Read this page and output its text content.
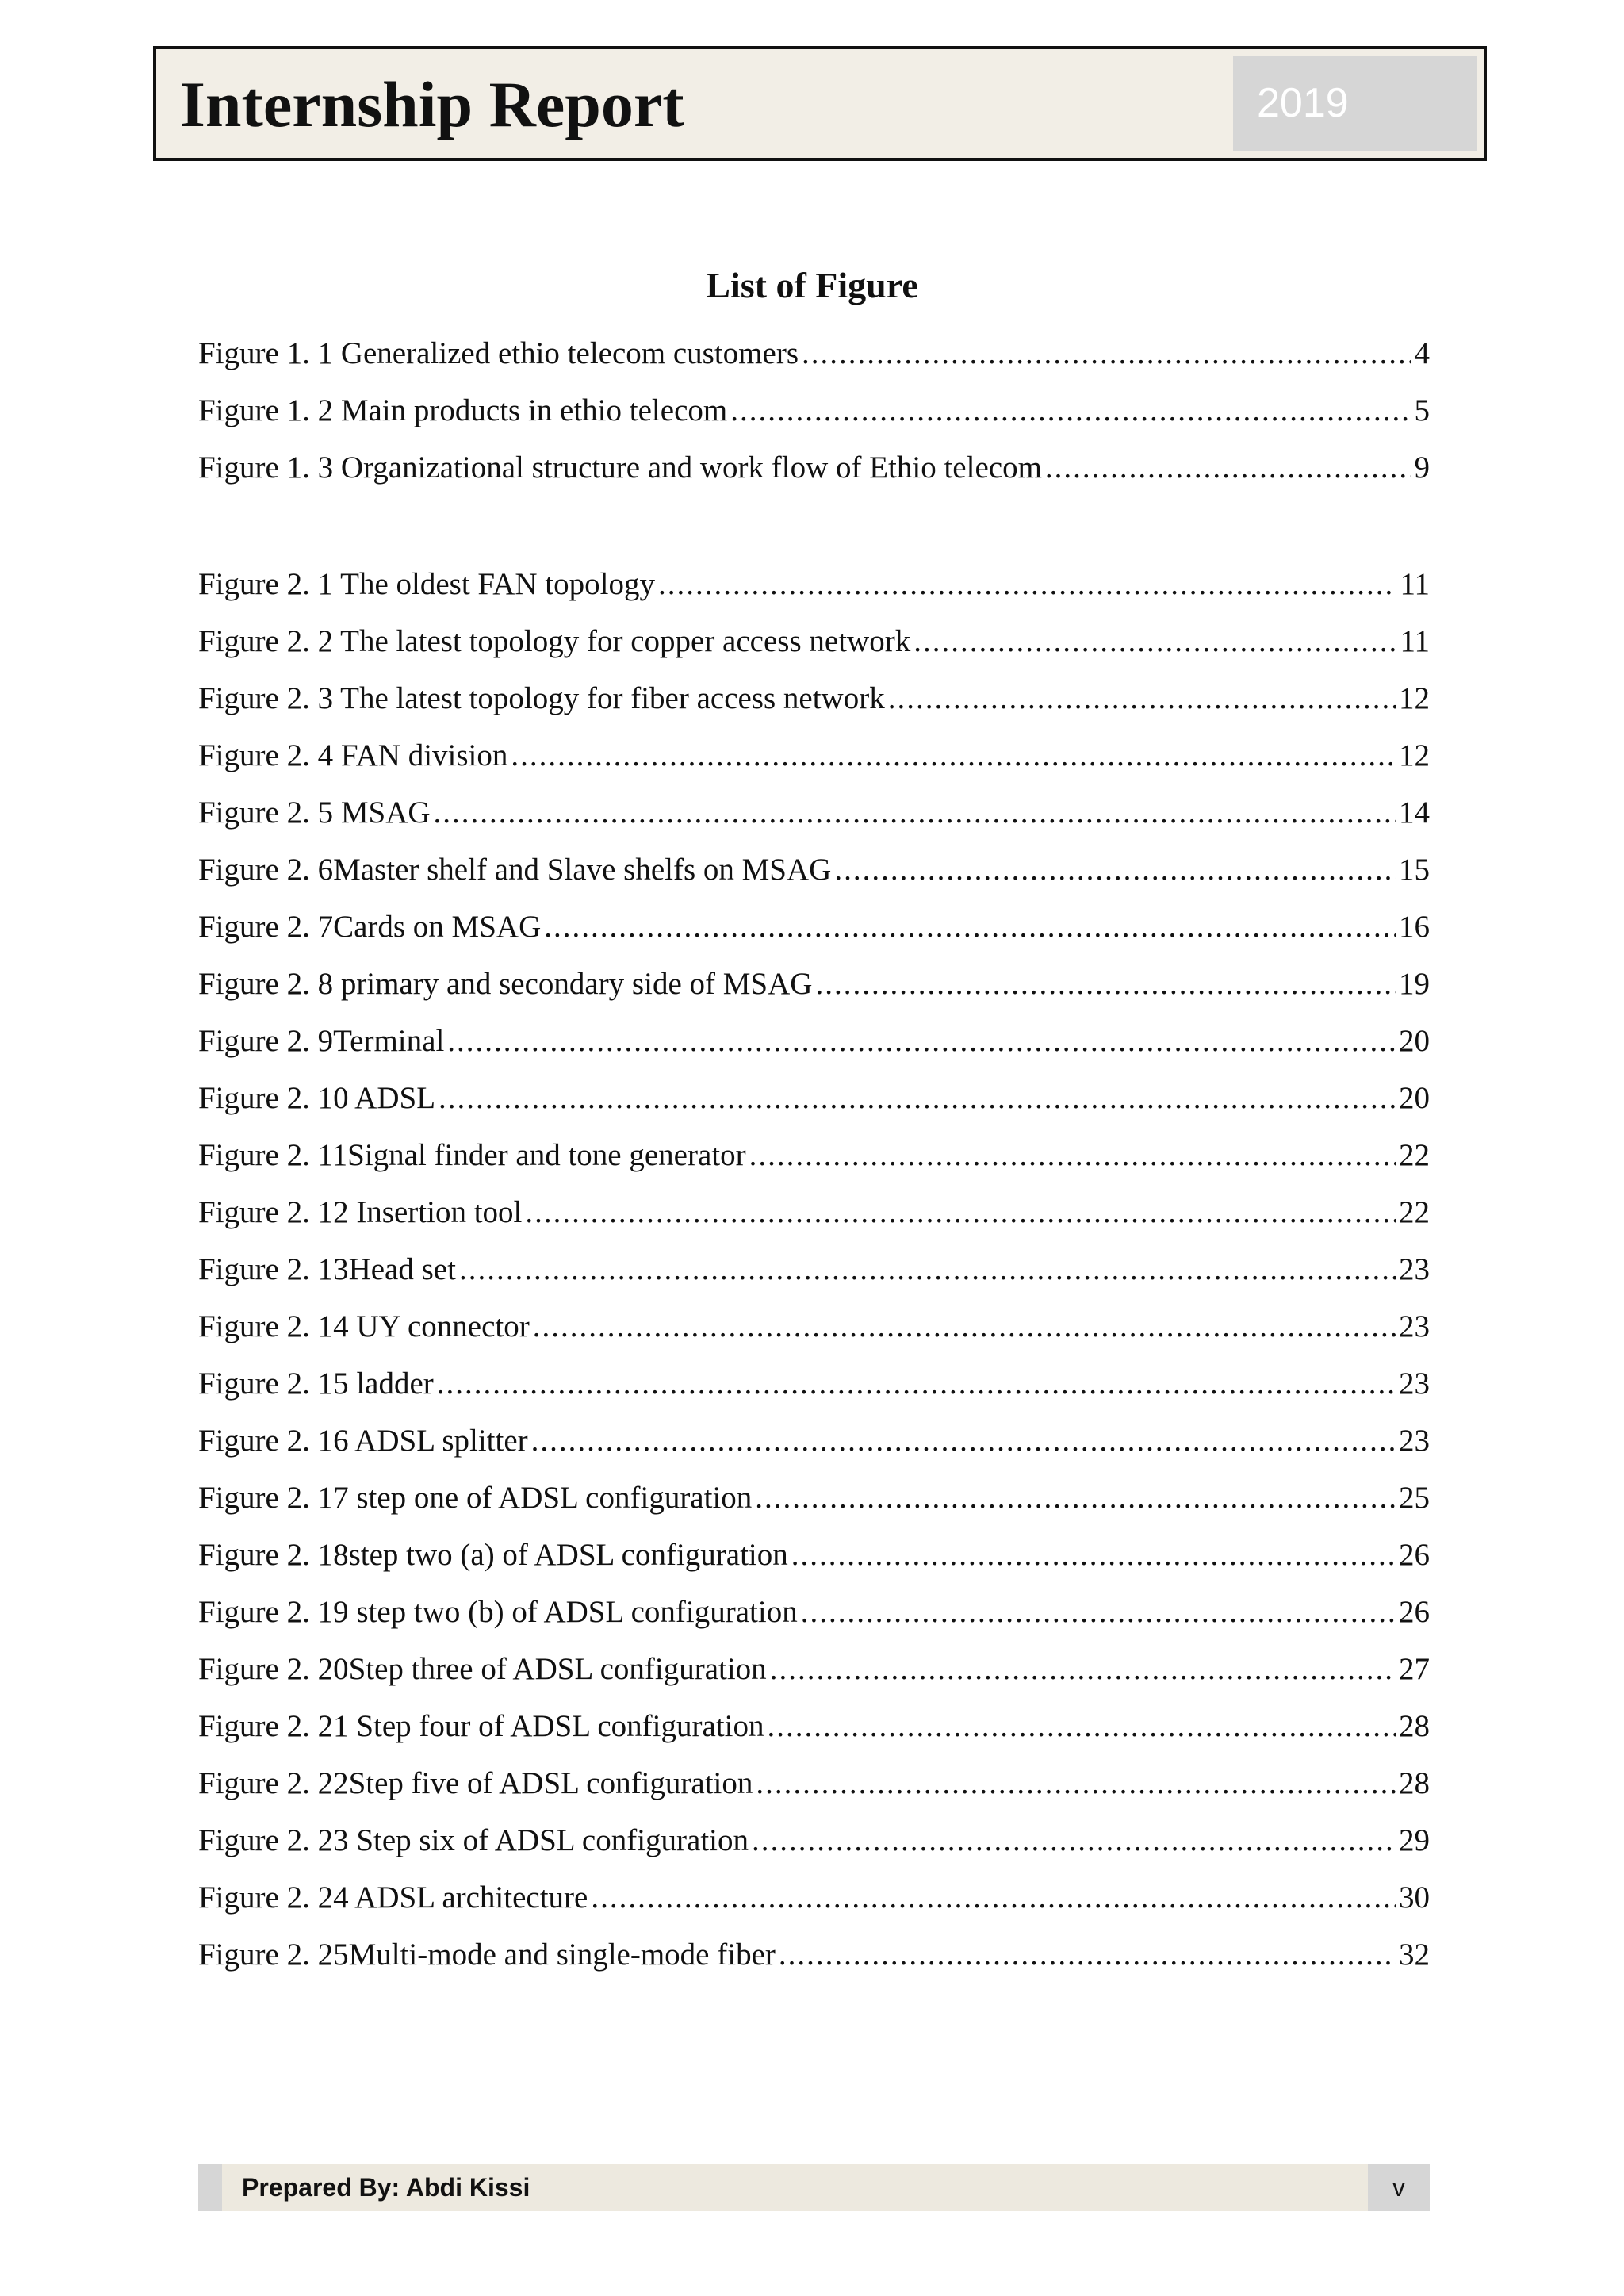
Internship Report	2019
List of Figure
Figure 1. 1 Generalized ethio telecom customers .....	4
Figure 1. 2 Main products in ethio telecom .....	5
Figure 1. 3 Organizational structure and work flow of Ethio telecom .....	9
Figure 2. 1 The oldest FAN topology .....	11
Figure 2. 2 The latest topology for copper access network .....	11
Figure 2. 3 The latest topology for fiber access network .....	12
Figure 2. 4 FAN division .....	12
Figure 2. 5 MSAG .....	14
Figure 2. 6Master shelf and Slave shelfs on MSAG .....	15
Figure 2. 7Cards on MSAG .....	16
Figure 2. 8 primary and secondary side of MSAG .....	19
Figure 2. 9Terminal .....	20
Figure 2. 10 ADSL .....	20
Figure 2. 11Signal finder and tone generator .....	22
Figure 2. 12 Insertion tool .....	22
Figure 2. 13Head set .....	23
Figure 2. 14 UY connector .....	23
Figure 2. 15 ladder .....	23
Figure 2. 16 ADSL splitter .....	23
Figure 2. 17 step one of ADSL configuration .....	25
Figure 2. 18step two (a) of ADSL configuration .....	26
Figure 2. 19 step two (b) of ADSL configuration .....	26
Figure 2. 20Step three of ADSL configuration .....	27
Figure 2. 21 Step four of ADSL configuration .....	28
Figure 2. 22Step five of ADSL configuration .....	28
Figure 2. 23 Step six of ADSL configuration .....	29
Figure 2. 24 ADSL architecture .....	30
Figure 2. 25Multi-mode and single-mode fiber .....	32
Prepared By: Abdi Kissi	v
